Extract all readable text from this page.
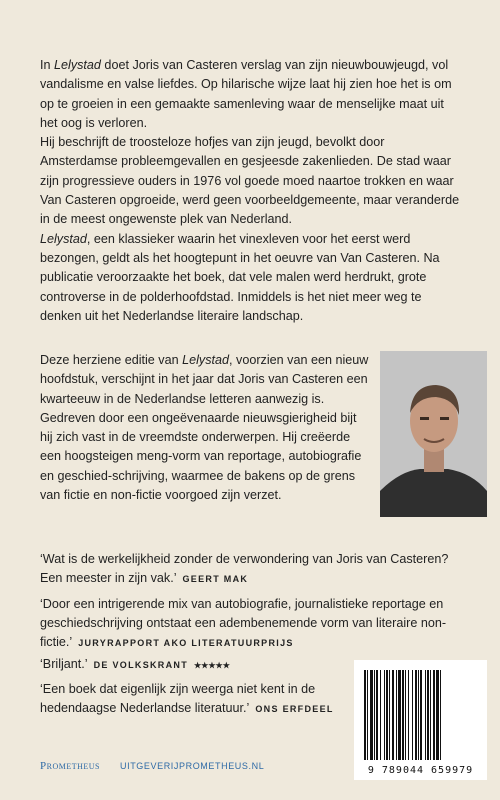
In Lelystad doet Joris van Casteren verslag van zijn nieuwbouwjeugd, vol vandalisme en valse liefdes. Op hilarische wijze laat hij zien hoe het is om op te groeien in een gemaakte samenleving waar de menselijke maat uit het oog is verloren.

Hij beschrijft de troosteloze hofjes van zijn jeugd, bevolkt door Amsterdamse probleemgevallen en gesjeesde zakenlieden. De stad waar zijn progressieve ouders in 1976 vol goede moed naartoe trokken en waar Van Casteren opgroeide, werd geen voorbeeldgemeente, maar veranderde in de meest ongewenste plek van Nederland.

Lelystad, een klassieker waarin het vinexleven voor het eerst werd bezongen, geldt als het hoogtepunt in het oeuvre van Van Casteren. Na publicatie veroorzaakte het boek, dat vele malen werd herdrukt, grote controverse in de polderhoofdstad. Inmiddels is het niet meer weg te denken uit het Nederlandse literaire landschap.

Deze herziene editie van Lelystad, voorzien van een nieuw hoofdstuk, verschijnt in het jaar dat Joris van Casteren een kwarteeuw in de Nederlandse letteren aanwezig is. Gedreven door een ongeëvenaarde nieuwsgierigheid bijt hij zich vast in de vreemdste onderwerpen. Hij creëerde een hoogsteigen meng-vorm van reportage, autobiografie en geschied-schrijving, waarmee de bakens op de grens van fictie en non-fictie voorgoed zijn verzet.

‘Wat is de werkelijkheid zonder de verwondering van Joris van Casteren? Een meester in zijn vak.’ GEERT MAK
‘Door een intrigerende mix van autobiografie, journalistieke reportage en geschiedschrijving ontstaat een adembenemende vorm van literaire non-fictie.’ JURYRAPPORT AKO LITERATUURPRIJS
‘Briljant.’ DE VOLKSKRANT ★★★★★
‘Een boek dat eigenlijk zijn weerga niet kent in de hedendaagse Nederlandse literatuur.’ ONS ERFDEEL
Prometheus UITGEVERIJPROMETHEUS.NL	9 789044 659979
